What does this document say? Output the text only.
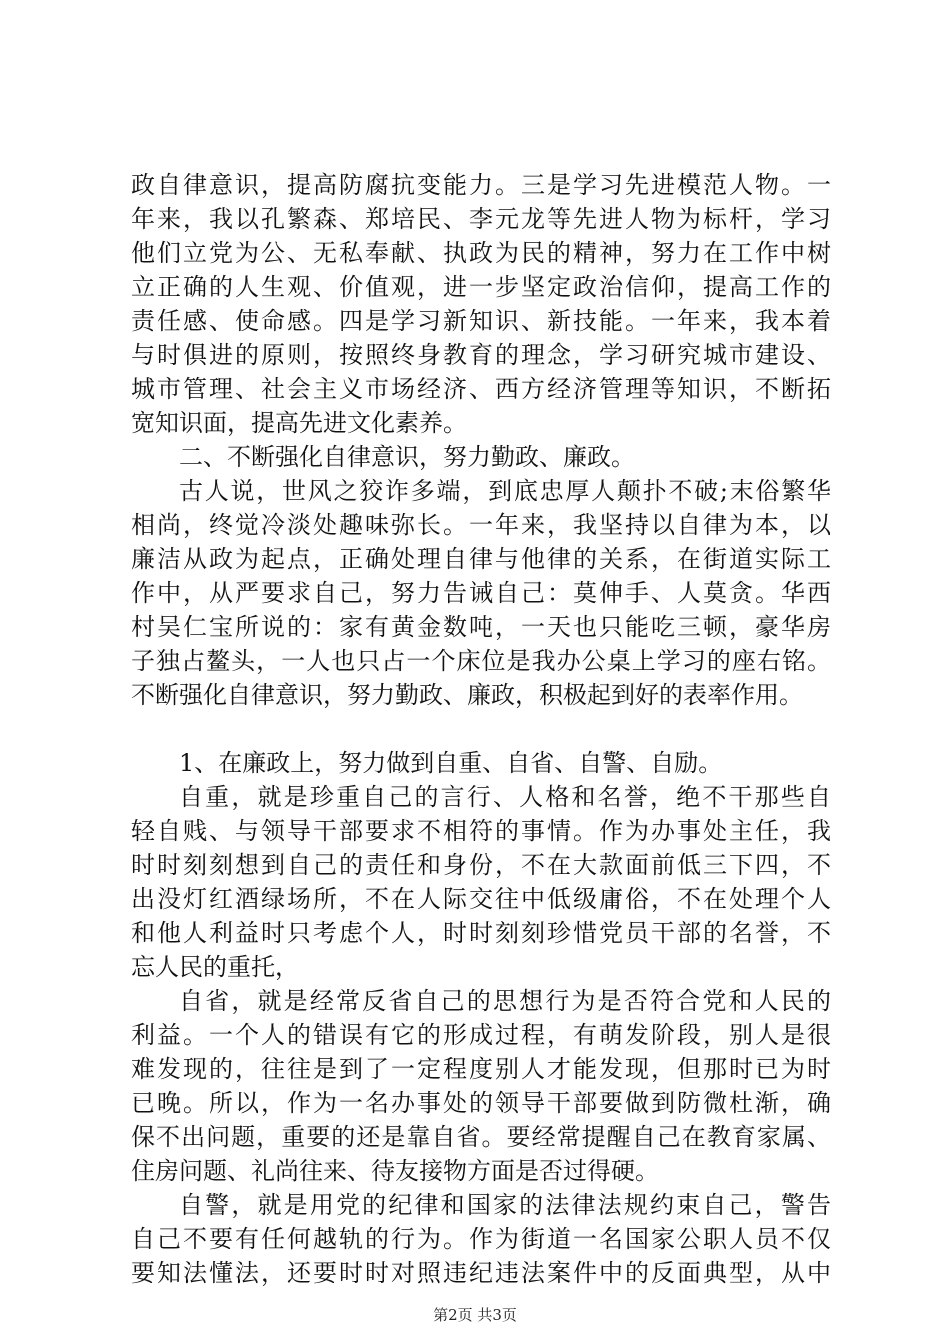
政自律意识，提高防腐抗变能力。三是学习先进模范人物。一
年来，我以孔繁森、郑培民、李元龙等先进人物为标杆，学习
他们立党为公、无私奉献、执政为民的精神，努力在工作中树
立正确的人生观、价值观，进一步坚定政治信仰，提高工作的
责任感、使命感。四是学习新知识、新技能。一年来，我本着
与时俱进的原则，按照终身教育的理念，学习研究城市建设、
城市管理、社会主义市场经济、西方经济管理等知识，不断拓
宽知识面，提高先进文化素养。
二、不断强化自律意识，努力勤政、廉政。
古人说，世风之狡诈多端，到底忠厚人颠扑不破;末俗繁华
相尚，终觉冷淡处趣味弥长。一年来，我坚持以自律为本，以
廉洁从政为起点，正确处理自律与他律的关系，在街道实际工
作中，从严要求自己，努力告诫自己：莫伸手、人莫贪。华西
村吴仁宝所说的：家有黄金数吨，一天也只能吃三顿，豪华房
子独占鳌头，一人也只占一个床位是我办公桌上学习的座右铭。
不断强化自律意识，努力勤政、廉政，积极起到好的表率作用。
1、在廉政上，努力做到自重、自省、自警、自励。
自重，就是珍重自己的言行、人格和名誉，绝不干那些自
轻自贱、与领导干部要求不相符的事情。作为办事处主任，我
时时刻刻想到自己的责任和身份，不在大款面前低三下四，不
出没灯红酒绿场所，不在人际交往中低级庸俗，不在处理个人
和他人利益时只考虑个人，时时刻刻珍惜党员干部的名誉，不
忘人民的重托，
自省，就是经常反省自己的思想行为是否符合党和人民的
利益。一个人的错误有它的形成过程，有萌发阶段，别人是很
难发现的，往往是到了一定程度别人才能发现，但那时已为时
已晚。所以，作为一名办事处的领导干部要做到防微杜渐，确
保不出问题，重要的还是靠自省。要经常提醒自己在教育家属、
住房问题、礼尚往来、待友接物方面是否过得硬。
自警，就是用党的纪律和国家的法律法规约束自己，警告
自己不要有任何越轨的行为。作为街道一名国家公职人员不仅
要知法懂法，还要时时对照违纪违法案件中的反面典型，从中
第2页 共3页
